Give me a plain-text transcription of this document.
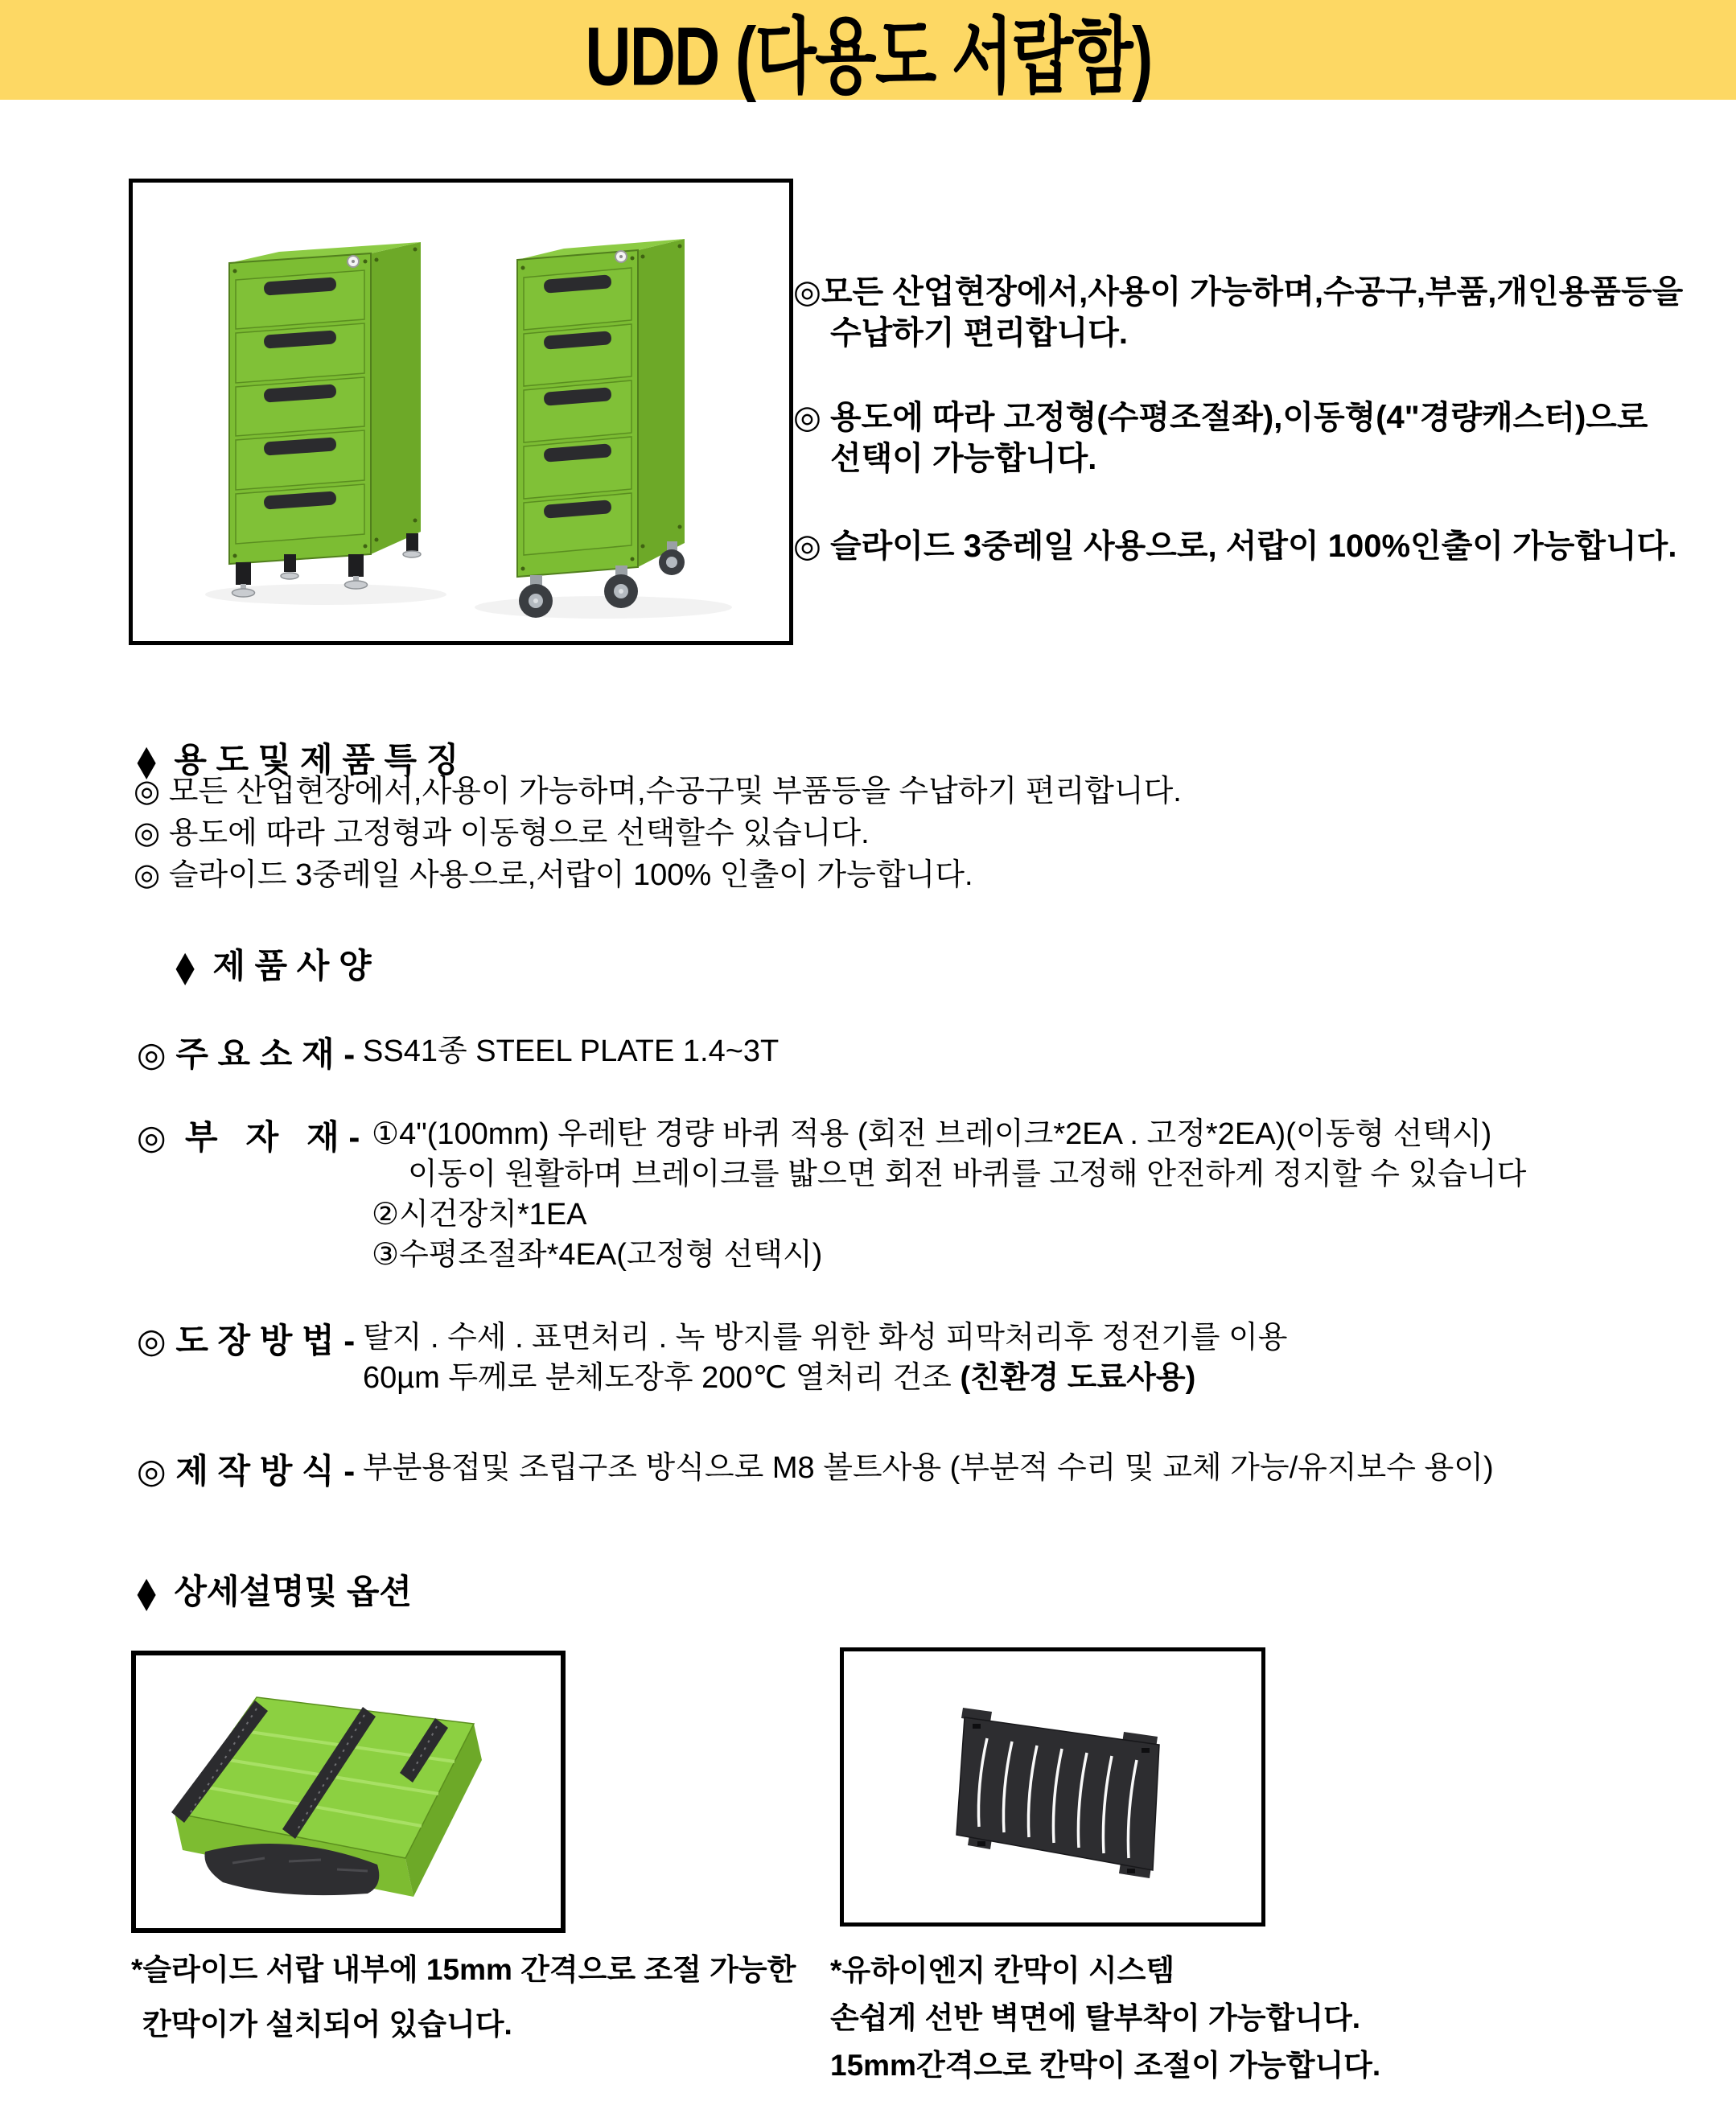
UDD (다용도 서랍함)

◎모든 산업현장에서,사용이 가능하며,수공구,부품,개인용품등을
수납하기 편리합니다.

◎ 용도에 따라 고정형(수평조절좌),이동형(4"경량캐스터)으로
선택이 가능합니다.

◎ 슬라이드 3중레일 사용으로, 서랍이 100%인출이 가능합니다.

◆ 용 도 및 제 품 특 징
◎ 모든 산업현장에서,사용이 가능하며,수공구및 부품등을 수납하기 편리합니다.
◎ 용도에 따라 고정형과 이동형으로 선택할수 있습니다.
◎ 슬라이드 3중레일 사용으로,서랍이 100% 인출이 가능합니다.
◆ 제 품 사 양
◎ 주 요 소 재 - SS41종 STEEL PLATE 1.4~3T

◎  부   자   재 - ①4"(100mm) 우레탄 경량 바퀴 적용 (회전 브레이크*2EA . 고정*2EA)(이동형 선택시)
이동이 원활하며 브레이크를 밟으면 회전 바퀴를 고정해 안전하게 정지할 수 있습니다
②시건장치*1EA
③수평조절좌*4EA(고정형 선택시)

◎ 도 장 방 법 - 탈지 . 수세 . 표면처리 . 녹 방지를 위한 화성 피막처리후 정전기를 이용
60µm 두께로 분체도장후 200℃ 열처리 건조 (친환경 도료사용)

◎ 제 작 방 식 - 부분용접및 조립구조 방식으로 M8 볼트사용 (부분적 수리 및 교체 가능/유지보수 용이)

◆ 상세설명및 옵션

*슬라이드 서랍 내부에 15mm 간격으로 조절 가능한
칸막이가 설치되어 있습니다.

*유하이엔지 칸막이 시스템
손쉽게 선반 벽면에 탈부착이 가능합니다.
15mm간격으로 칸막이 조절이 가능합니다.
